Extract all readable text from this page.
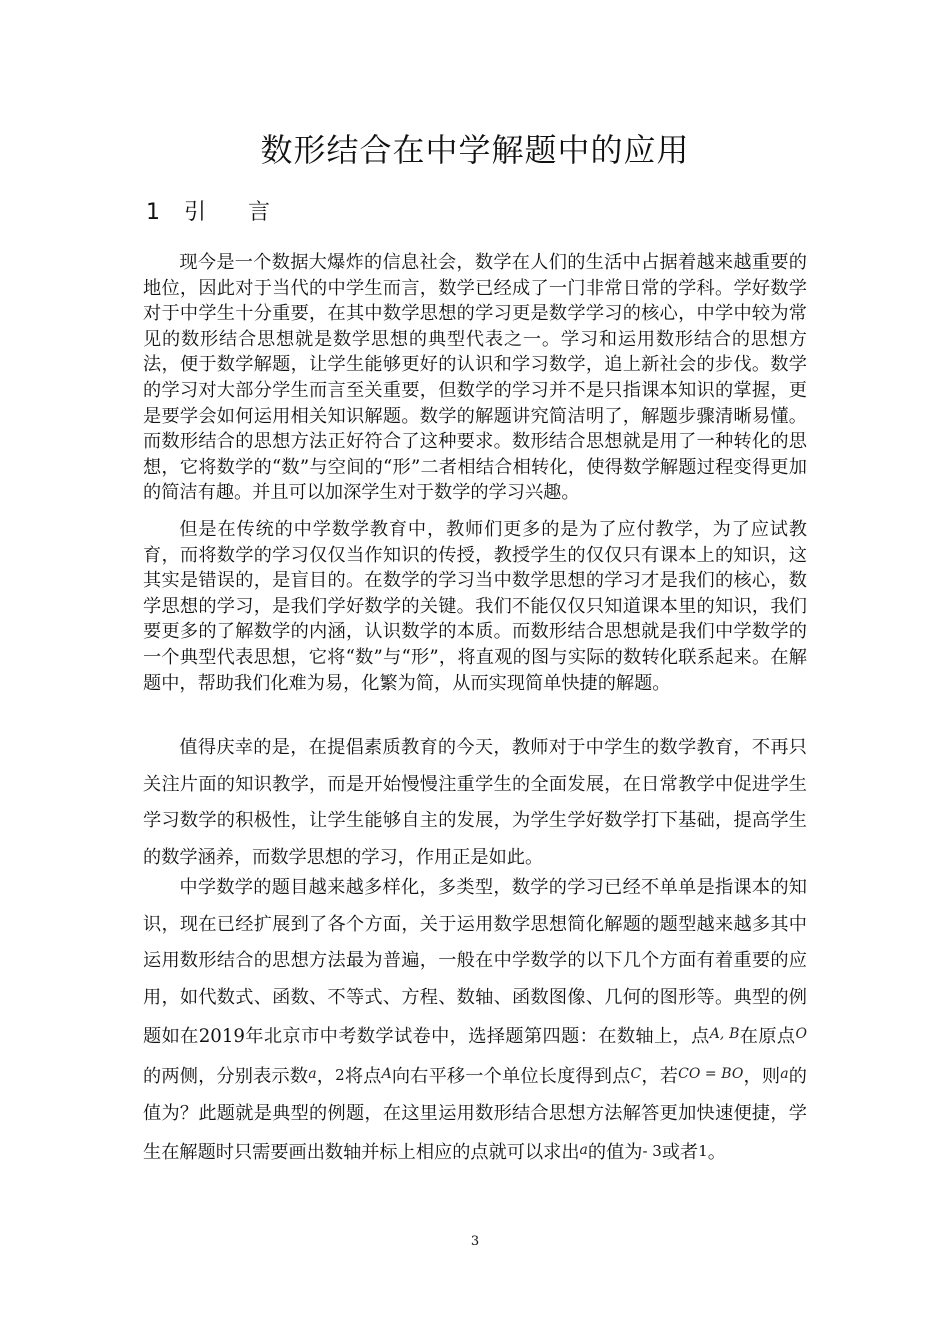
数形结合在中学解题中的应用
1 引言

现今是一个数据大爆炸的信息社会，数学在人们的生活中占据着越来越重要的地位，因此对于当代的中学生而言，数学已经成了一门非常日常的学科。学好数学对于中学生十分重要，在其中数学思想的学习更是数学学习的核心，中学中较为常见的数形结合思想就是数学思想的典型代表之一。学习和运用数形结合的思想方法，便于数学解题，让学生能够更好的认识和学习数学，追上新社会的步伐。数学的学习对大部分学生而言至关重要，但数学的学习并不是只指课本知识的掌握，更是要学会如何运用相关知识解题。数学的解题讲究简洁明了，解题步骤清晰易懂。而数形结合的思想方法正好符合了这种要求。数形结合思想就是用了一种转化的思想，它将数学的“数”与空间的“形”二者相结合相转化，使得数学解题过程变得更加的简洁有趣。并且可以加深学生对于数学的学习兴趣。

但是在传统的中学数学教育中，教师们更多的是为了应付教学，为了应试教育，而将数学的学习仅仅当作知识的传授，教授学生的仅仅只有课本上的知识，这其实是错误的，是盲目的。在数学的学习当中数学思想的学习才是我们的核心，数学思想的学习，是我们学好数学的关键。我们不能仅仅只知道课本里的知识，我们要更多的了解数学的内涵，认识数学的本质。而数形结合思想就是我们中学数学的一个典型代表思想，它将“数”与“形”，将直观的图与实际的数转化联系起来。在解题中，帮助我们化难为易，化繁为简，从而实现简单快捷的解题。

值得庆幸的是，在提倡素质教育的今天，教师对于中学生的数学教育，不再只关注片面的知识教学，而是开始慢慢注重学生的全面发展，在日常教学中促进学生学习数学的积极性，让学生能够自主的发展，为学生学好数学打下基础，提高学生的数学涵养，而数学思想的学习，作用正是如此。

中学数学的题目越来越多样化，多类型，数学的学习已经不单单是指课本的知识，现在已经扩展到了各个方面，关于运用数学思想简化解题的题型越来越多其中运用数形结合的思想方法最为普遍，一般在中学数学的以下几个方面有着重要的应用，如代数式、函数、不等式、方程、数轴、函数图像、几何的图形等。典型的例题如在2019年北京市中考数学试卷中，选择题第四题：在数轴上，点$^{A, B}$在原点$^O$的两侧，分别表示数$^a$，2将点$^A$向右平移一个单位长度得到点$^C$，若$^{CO = BO}$，则$^a$的值为？此题就是典型的例题，在这里运用数形结合思想方法解答更加快速便捷，学生在解题时只需要画出数轴并标上相应的点就可以求出$^a$的值为- 3或者1。

3
